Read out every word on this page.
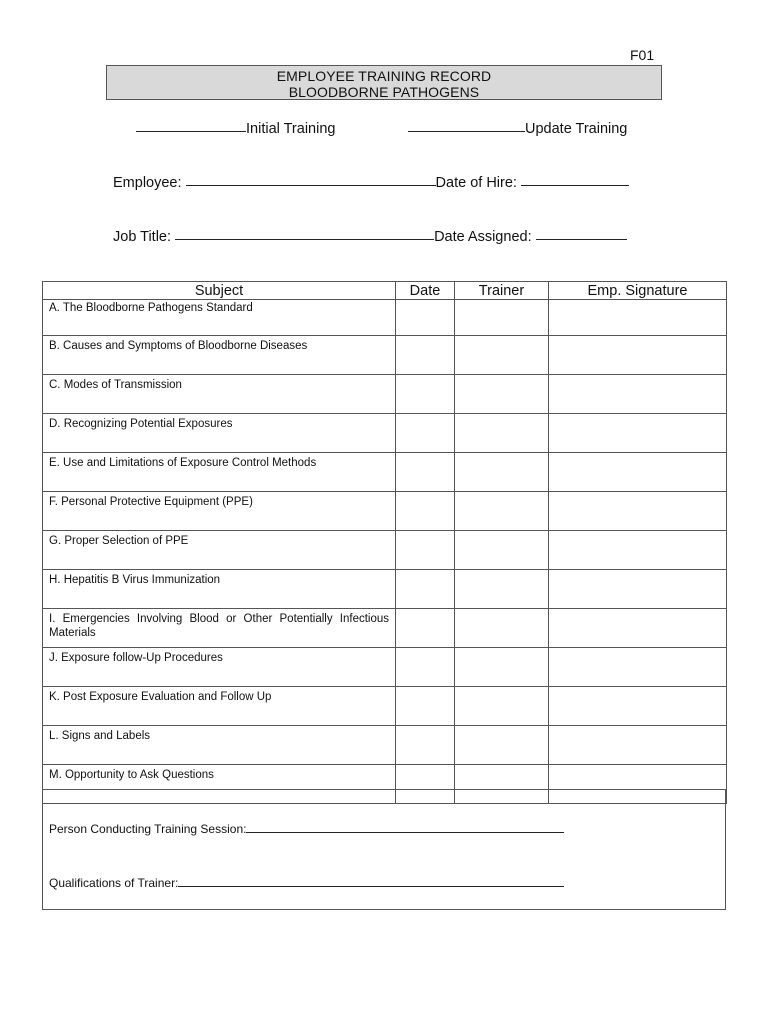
F01
EMPLOYEE TRAINING RECORD
BLOODBORNE PATHOGENS
Initial Training	Update Training
Employee:	Date of Hire:
Job Title:	Date Assigned:
Subject	Date	Trainer	Emp. Signature
A. The Bloodborne Pathogens Standard			
B. Causes and Symptoms of Bloodborne Diseases			
C. Modes of Transmission			
D. Recognizing Potential Exposures			
E. Use and Limitations of Exposure Control Methods			
F. Personal Protective Equipment (PPE)			
G. Proper Selection of PPE			
H. Hepatitis B Virus Immunization			
I. Emergencies Involving Blood or Other Potentially Infectious Materials			
J. Exposure follow-Up Procedures			
K. Post Exposure Evaluation and Follow Up			
L. Signs and Labels			
M. Opportunity to Ask Questions			
Person Conducting Training Session:
Qualifications of Trainer:
